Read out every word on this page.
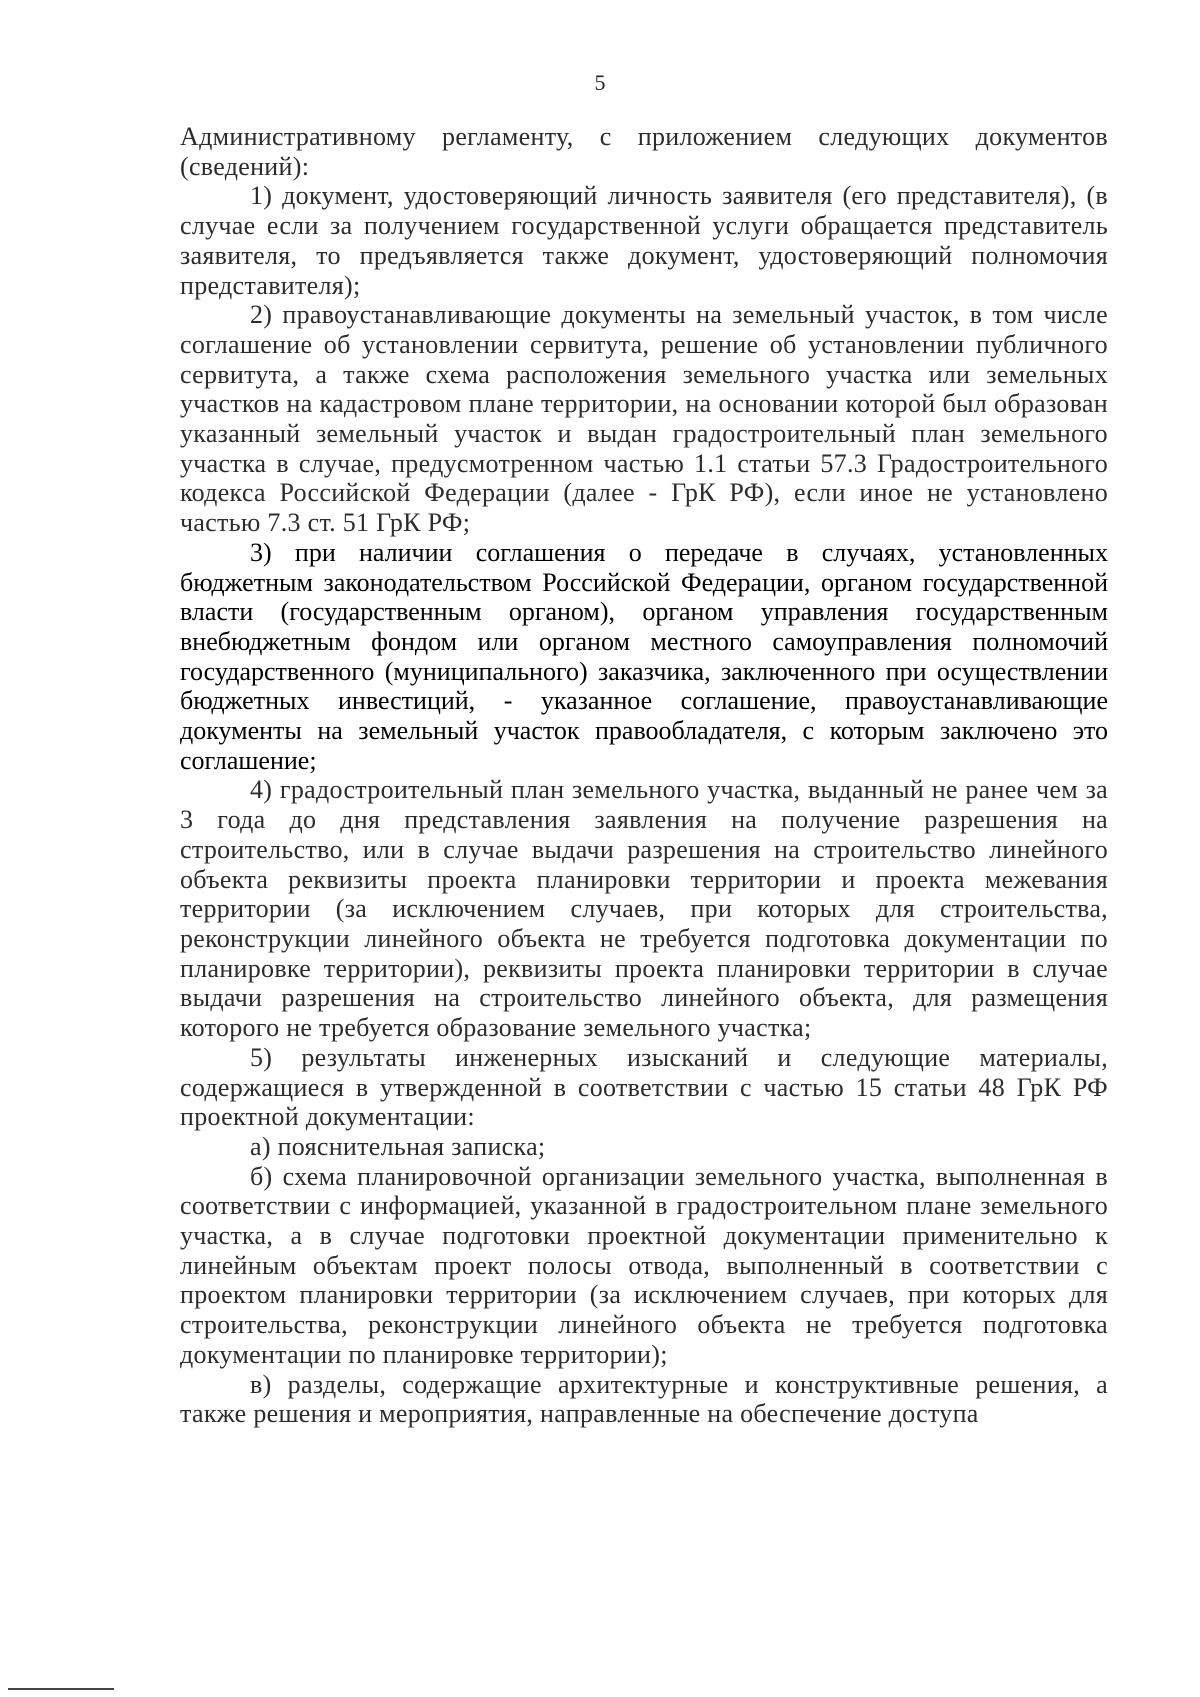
5

Административному регламенту, с приложением следующих документов (сведений):

1) документ, удостоверяющий личность заявителя (его представителя), (в случае если за получением государственной услуги обращается представитель заявителя, то предъявляется также документ, удостоверяющий полномочия представителя);

2) правоустанавливающие документы на земельный участок, в том числе соглашение об установлении сервитута, решение об установлении публичного сервитута, а также схема расположения земельного участка или земельных участков на кадастровом плане территории, на основании которой был образован указанный земельный участок и выдан градостроительный план земельного участка в случае, предусмотренном частью 1.1 статьи 57.3 Градостроительного кодекса Российской Федерации (далее - ГрК РФ), если иное не установлено частью 7.3 ст. 51 ГрК РФ;

3) при наличии соглашения о передаче в случаях, установленных бюджетным законодательством Российской Федерации, органом государственной власти (государственным органом), органом управления государственным внебюджетным фондом или органом местного самоуправления полномочий государственного (муниципального) заказчика, заключенного при осуществлении бюджетных инвестиций, - указанное соглашение, правоустанавливающие документы на земельный участок правообладателя, с которым заключено это соглашение;

4) градостроительный план земельного участка, выданный не ранее чем за 3 года до дня представления заявления на получение разрешения на строительство, или в случае выдачи разрешения на строительство линейного объекта реквизиты проекта планировки территории и проекта межевания территории (за исключением случаев, при которых для строительства, реконструкции линейного объекта не требуется подготовка документации по планировке территории), реквизиты проекта планировки территории в случае выдачи разрешения на строительство линейного объекта, для размещения которого не требуется образование земельного участка;

5) результаты инженерных изысканий и следующие материалы, содержащиеся в утвержденной в соответствии с частью 15 статьи 48 ГрК РФ проектной документации:

а) пояснительная записка;

б) схема планировочной организации земельного участка, выполненная в соответствии с информацией, указанной в градостроительном плане земельного участка, а в случае подготовки проектной документации применительно к линейным объектам проект полосы отвода, выполненный в соответствии с проектом планировки территории (за исключением случаев, при которых для строительства, реконструкции линейного объекта не требуется подготовка документации по планировке территории);

в) разделы, содержащие архитектурные и конструктивные решения, а также решения и мероприятия, направленные на обеспечение доступа
